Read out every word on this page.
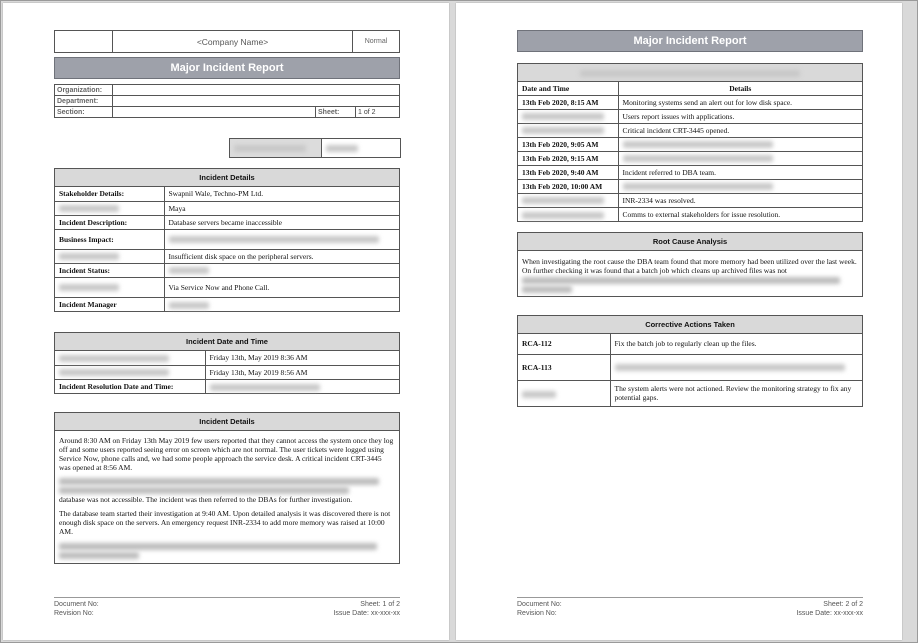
	<Company Name>	Normal
Major Incident Report
Organization:			
Department:			
Section:		Sheet:	1 of 2

Incident Details
Stakeholder Details:	Swapnil Wale, Techno-PM Ltd.
	Maya
Incident Description:	Database servers became inaccessible
Business Impact:	
	Insufficient disk space on the peripheral servers.
Incident Status:	
	Via Service Now and Phone Call.
Incident Manager	
Incident Date and Time
	Friday 13th, May 2019 8:36 AM
	Friday 13th, May 2019 8:56 AM
Incident Resolution Date and Time:	
Incident Details
Around 8:30 AM on Friday 13th May 2019 few users reported that they cannot access the system once they log off and some users reported seeing error on screen which are not normal. The user tickets were logged using Service Now, phone calls and, we had some people approach the service desk. A critical incident CRT-3445 was opened at 8:56 AM.
database was not accessible. The incident was then referred to the DBAs for further investigation.
The database team started their investigation at 9:40 AM. Upon detailed analysis it was discovered there is not enough disk space on the servers. An emergency request INR-2334 to add more memory was raised at 10:00 AM.
Document No:
Revision No:
Sheet: 1 of 2
Issue Date: xx-xxx-xx
Major Incident Report
Date and Time	Details
13th Feb 2020, 8:15 AM	Monitoring systems send an alert out for low disk space.
	Users report issues with applications.
	Critical incident CRT-3445 opened.
13th Feb 2020, 9:05 AM	
13th Feb 2020, 9:15 AM	
13th Feb 2020, 9:40 AM	Incident referred to DBA team.
13th Feb 2020, 10:00 AM	
	INR-2334 was resolved.
	Comms to external stakeholders for issue resolution.
Root Cause Analysis
When investigating the root cause the DBA team found that more memory had been utilized over the last week. On further checking it was found that a batch job which cleans up archived files was not
Corrective Actions Taken
RCA-112	Fix the batch job to regularly clean up the files.
RCA-113	
	The system alerts were not actioned. Review the monitoring strategy to fix any potential gaps.
Document No:
Revision No:
Sheet: 2 of 2
Issue Date: xx-xxx-xx
